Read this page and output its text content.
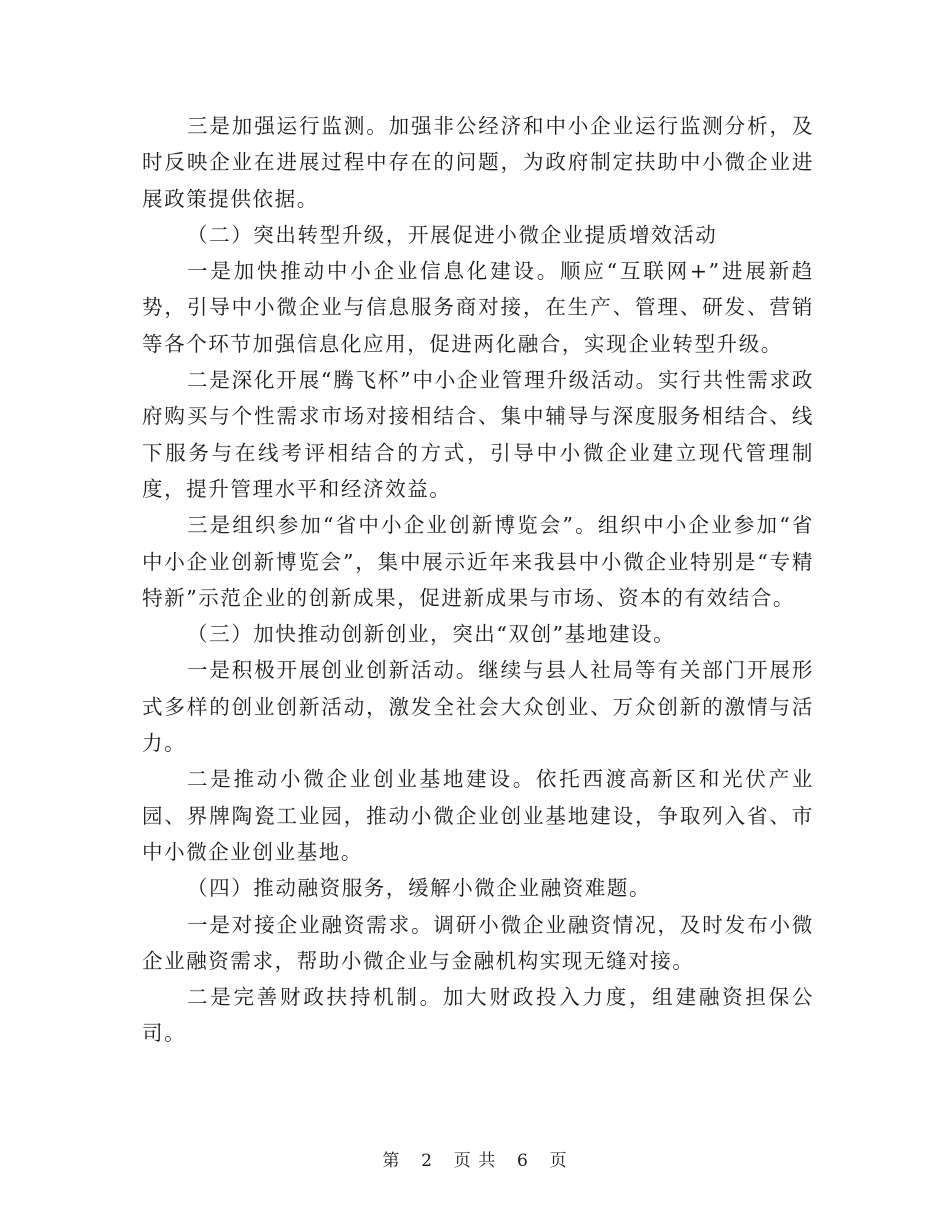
三是加强运行监测。加强非公经济和中小企业运行监测分析，及时反映企业在进展过程中存在的问题，为政府制定扶助中小微企业进展政策提供依据。

（二）突出转型升级，开展促进小微企业提质增效活动

一是加快推动中小企业信息化建设。顺应“互联网+”进展新趋势，引导中小微企业与信息服务商对接，在生产、管理、研发、营销等各个环节加强信息化应用，促进两化融合，实现企业转型升级。

二是深化开展“腾飞杯”中小企业管理升级活动。实行共性需求政府购买与个性需求市场对接相结合、集中辅导与深度服务相结合、线下服务与在线考评相结合的方式，引导中小微企业建立现代管理制度，提升管理水平和经济效益。

三是组织参加“省中小企业创新博览会”。组织中小企业参加“省中小企业创新博览会”，集中展示近年来我县中小微企业特别是“专精特新”示范企业的创新成果，促进新成果与市场、资本的有效结合。

（三）加快推动创新创业，突出“双创”基地建设。

一是积极开展创业创新活动。继续与县人社局等有关部门开展形式多样的创业创新活动，激发全社会大众创业、万众创新的激情与活力。

二是推动小微企业创业基地建设。依托西渡高新区和光伏产业园、界牌陶瓷工业园，推动小微企业创业基地建设，争取列入省、市中小微企业创业基地。

（四）推动融资服务，缓解小微企业融资难题。

一是对接企业融资需求。调研小微企业融资情况，及时发布小微企业融资需求，帮助小微企业与金融机构实现无缝对接。

二是完善财政扶持机制。加大财政投入力度，组建融资担保公司。

第 2 页 共 6 页
